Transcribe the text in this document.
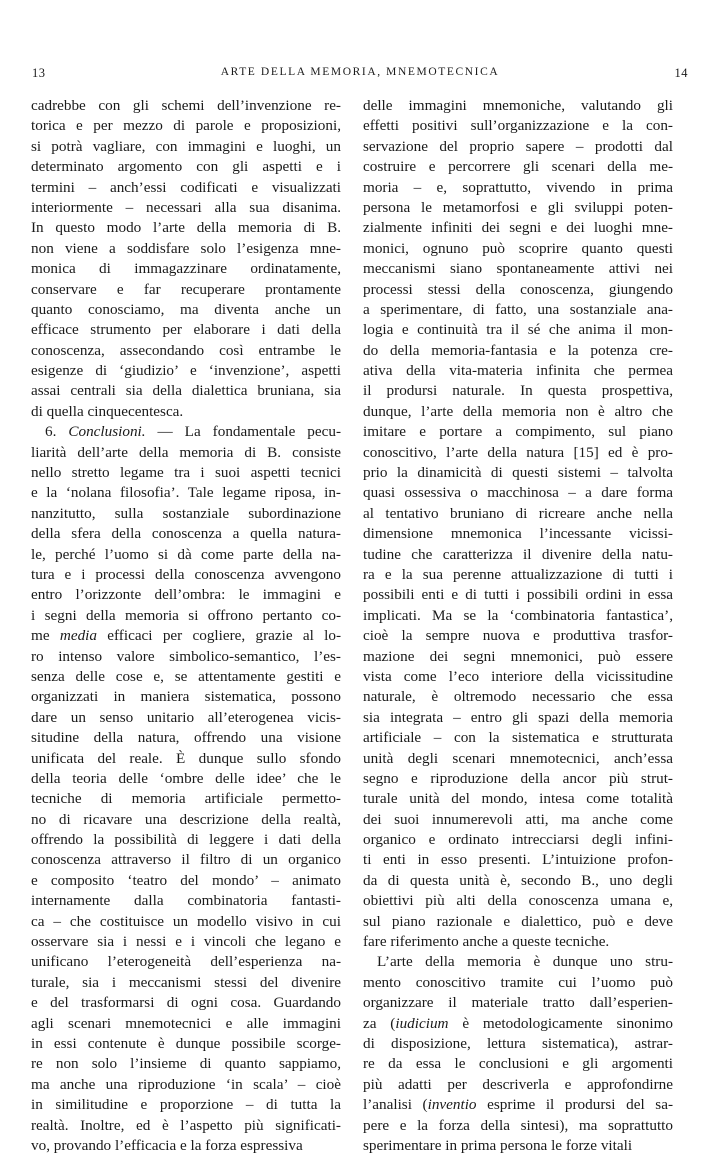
13	ARTE DELLA MEMORIA, MNEMOTECNICA	14
cadrebbe con gli schemi dell’invenzione re-
torica e per mezzo di parole e proposizioni,
si potrà vagliare, con immagini e luoghi, un
determinato argomento con gli aspetti e i
termini – anch’essi codificati e visualizzati
interiormente – necessari alla sua disanima.
In questo modo l’arte della memoria di B.
non viene a soddisfare solo l’esigenza mne-
monica di immagazzinare ordinatamente,
conservare e far recuperare prontamente
quanto conosciamo, ma diventa anche un
efficace strumento per elaborare i dati della
conoscenza, assecondando così entrambe le
esigenze di ‘giudizio’ e ‘invenzione’, aspetti
assai centrali sia della dialettica bruniana, sia
di quella cinquecentesca.
6. Conclusioni. — La fondamentale pecu-
liarità dell’arte della memoria di B. consiste
nello stretto legame tra i suoi aspetti tecnici
e la ‘nolana filosofia’. Tale legame riposa, in-
nanzitutto, sulla sostanziale subordinazione
della sfera della conoscenza a quella natura-
le, perché l’uomo si dà come parte della na-
tura e i processi della conoscenza avvengono
entro l’orizzonte dell’ombra: le immagini e
i segni della memoria si offrono pertanto co-
me media efficaci per cogliere, grazie al lo-
ro intenso valore simbolico-semantico, l’es-
senza delle cose e, se attentamente gestiti e
organizzati in maniera sistematica, possono
dare un senso unitario all’eterogenea vicis-
situdine della natura, offrendo una visione
unificata del reale. È dunque sullo sfondo
della teoria delle ‘ombre delle idee’ che le
tecniche di memoria artificiale permetto-
no di ricavare una descrizione della realtà,
offrendo la possibilità di leggere i dati della
conoscenza attraverso il filtro di un organico
e composito ‘teatro del mondo’ – animato
internamente dalla combinatoria fantasti-
ca – che costituisce un modello visivo in cui
osservare sia i nessi e i vincoli che legano e
unificano l’eterogeneità dell’esperienza na-
turale, sia i meccanismi stessi del divenire
e del trasformarsi di ogni cosa. Guardando
agli scenari mnemotecnici e alle immagini
in essi contenute è dunque possibile scorge-
re non solo l’insieme di quanto sappiamo,
ma anche una riproduzione ‘in scala’ – cioè
in similitudine e proporzione – di tutta la
realtà. Inoltre, ed è l’aspetto più significati-
vo, provando l’efficacia e la forza espressiva
delle immagini mnemoniche, valutando gli
effetti positivi sull’organizzazione e la con-
servazione del proprio sapere – prodotti dal
costruire e percorrere gli scenari della me-
moria – e, soprattutto, vivendo in prima
persona le metamorfosi e gli sviluppi poten-
zialmente infiniti dei segni e dei luoghi mne-
monici, ognuno può scoprire quanto questi
meccanismi siano spontaneamente attivi nei
processi stessi della conoscenza, giungendo
a sperimentare, di fatto, una sostanziale ana-
logia e continuità tra il sé che anima il mon-
do della memoria-fantasia e la potenza cre-
ativa della vita-materia infinita che permea
il prodursi naturale. In questa prospettiva,
dunque, l’arte della memoria non è altro che
imitare e portare a compimento, sul piano
conoscitivo, l’arte della natura [15] ed è pro-
prio la dinamicità di questi sistemi – talvolta
quasi ossessiva o macchinosa – a dare forma
al tentativo bruniano di ricreare anche nella
dimensione mnemonica l’incessante vicissi-
tudine che caratterizza il divenire della natu-
ra e la sua perenne attualizzazione di tutti i
possibili enti e di tutti i possibili ordini in essa
implicati. Ma se la ‘combinatoria fantastica’,
cioè la sempre nuova e produttiva trasfor-
mazione dei segni mnemonici, può essere
vista come l’eco interiore della vicissitudine
naturale, è oltremodo necessario che essa
sia integrata – entro gli spazi della memoria
artificiale – con la sistematica e strutturata
unità degli scenari mnemotecnici, anch’essa
segno e riproduzione della ancor più strut-
turale unità del mondo, intesa come totalità
dei suoi innumerevoli atti, ma anche come
organico e ordinato intrecciarsi degli infini-
ti enti in esso presenti. L’intuizione profon-
da di questa unità è, secondo B., uno degli
obiettivi più alti della conoscenza umana e,
sul piano razionale e dialettico, può e deve
fare riferimento anche a queste tecniche.
L’arte della memoria è dunque uno stru-
mento conoscitivo tramite cui l’uomo può
organizzare il materiale tratto dall’esperien-
za (iudicium è metodologicamente sinonimo
di disposizione, lettura sistematica), astrar-
re da essa le conclusioni e gli argomenti
più adatti per descriverla e approfondirne
l’analisi (inventio esprime il prodursi del sa-
pere e la forza della sintesi), ma soprattutto
sperimentare in prima persona le forze vitali
